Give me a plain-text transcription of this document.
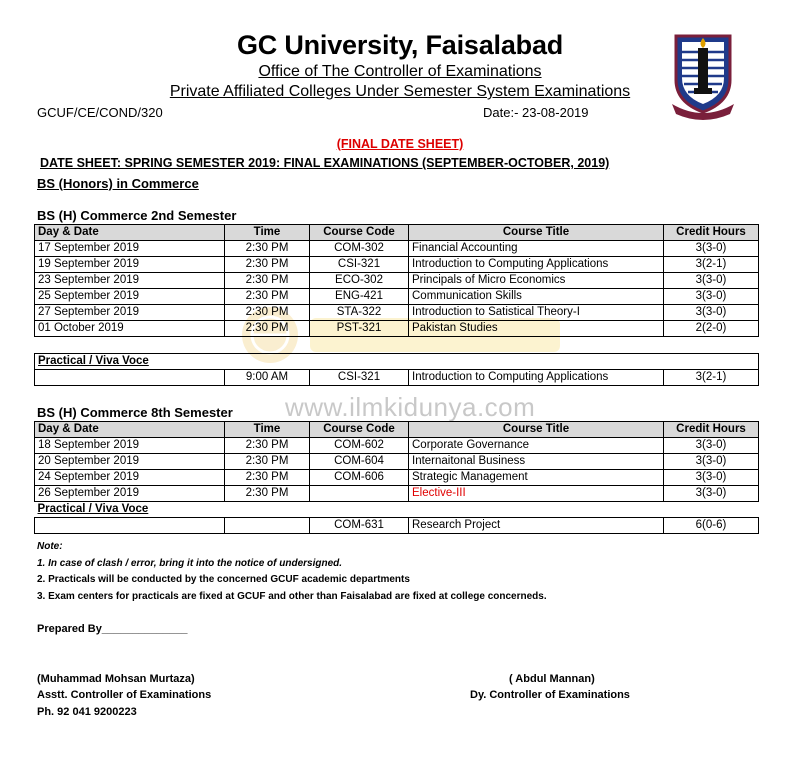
GC University, Faisalabad
Office of The Controller of Examinations
Private Affiliated Colleges Under Semester System Examinations
GCUF/CE/COND/320	Date:- 23-08-2019
(FINAL DATE SHEET)
DATE SHEET: SPRING SEMESTER 2019: FINAL EXAMINATIONS (SEPTEMBER-OCTOBER, 2019)
BS (Honors) in Commerce
www.ilmkidunya.com
BS (H) Commerce 2nd Semester
Day & Date	Time	Course Code	Course Title	Credit Hours
17 September 2019	2:30 PM	COM-302	Financial Accounting	3(3-0)
19 September 2019	2:30 PM	CSI-321	Introduction to Computing Applications	3(2-1)
23 September 2019	2:30 PM	ECO-302	Principals of Micro Economics	3(3-0)
25 September 2019	2:30 PM	ENG-421	Communication Skills	3(3-0)
27 September 2019	2:30 PM	STA-322	Introduction to Satistical Theory-I	3(3-0)
01 October 2019	2:30 PM	PST-321	Pakistan Studies	2(2-0)
Practical / Viva Voce
	9:00 AM	CSI-321	Introduction to Computing Applications	3(2-1)
BS (H) Commerce 8th Semester
Day & Date	Time	Course Code	Course Title	Credit Hours
18 September 2019	2:30 PM	COM-602	Corporate Governance	3(3-0)
20 September 2019	2:30 PM	COM-604	Internaitonal Business	3(3-0)
24 September 2019	2:30 PM	COM-606	Strategic Management	3(3-0)
26 September 2019	2:30 PM		Elective-III	3(3-0)
Practical / Viva Voce
		COM-631	Research Project	6(0-6)
Note:
1. In case of clash / error, bring it into the notice of undersigned.
2. Practicals will be conducted by the concerned GCUF academic departments
3. Exam centers for practicals are fixed at GCUF and other than Faisalabad are fixed at college concerneds.
Prepared By______________
(Muhammad Mohsan Murtaza)
Asstt. Controller of Examinations
Ph. 92 041 9200223
( Abdul Mannan)
Dy. Controller of Examinations
